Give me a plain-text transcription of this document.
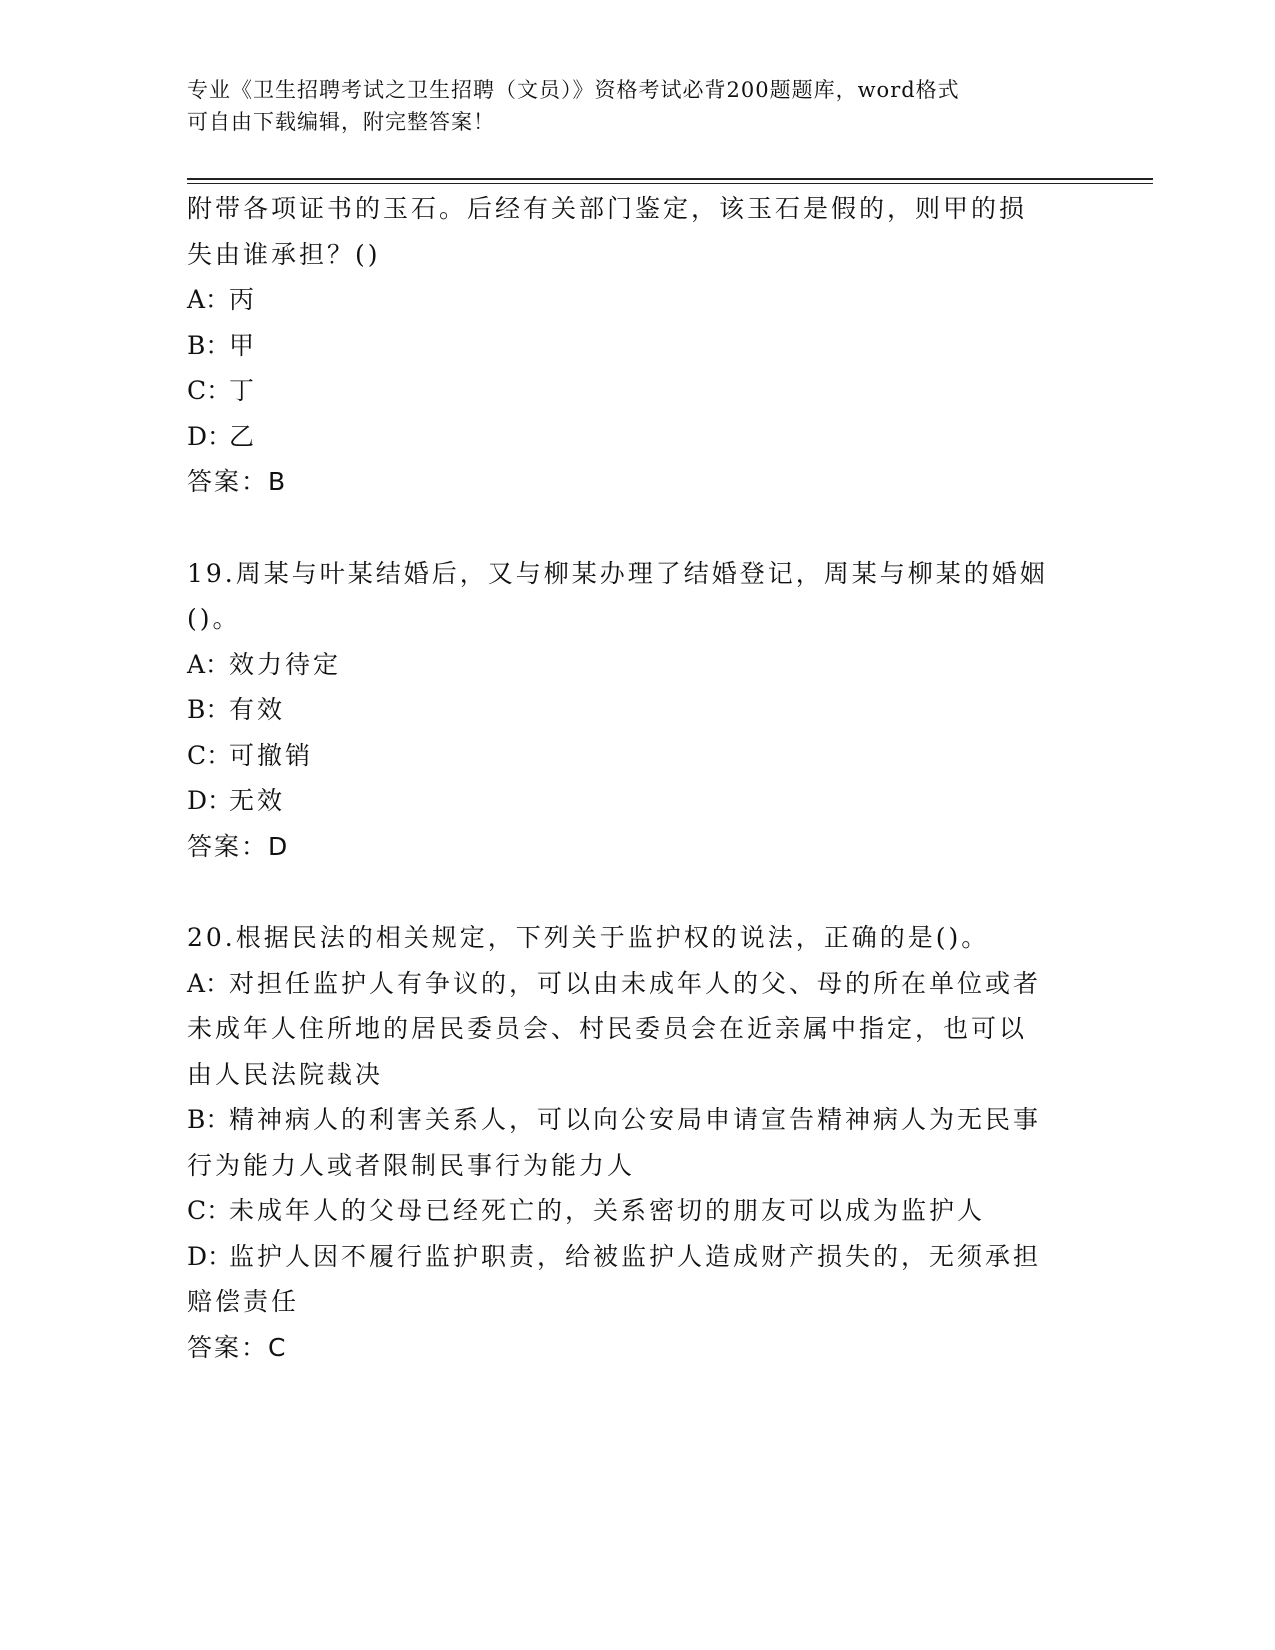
专业《卫生招聘考试之卫生招聘（文员）》资格考试必背200题题库，word格式
可自由下载编辑，附完整答案！

附带各项证书的玉石。后经有关部门鉴定，该玉石是假的，则甲的损

失由谁承担？()

A：丙

B：甲

C：丁

D：乙

答案：B

19.周某与叶某结婚后，又与柳某办理了结婚登记，周某与柳某的婚姻

()。

A：效力待定

B：有效

C：可撤销

D：无效

答案：D

20.根据民法的相关规定，下列关于监护权的说法，正确的是()。

A：对担任监护人有争议的，可以由未成年人的父、母的所在单位或者

未成年人住所地的居民委员会、村民委员会在近亲属中指定，也可以

由人民法院裁决

B：精神病人的利害关系人，可以向公安局申请宣告精神病人为无民事

行为能力人或者限制民事行为能力人

C：未成年人的父母已经死亡的，关系密切的朋友可以成为监护人

D：监护人因不履行监护职责，给被监护人造成财产损失的，无须承担

赔偿责任

答案：C
